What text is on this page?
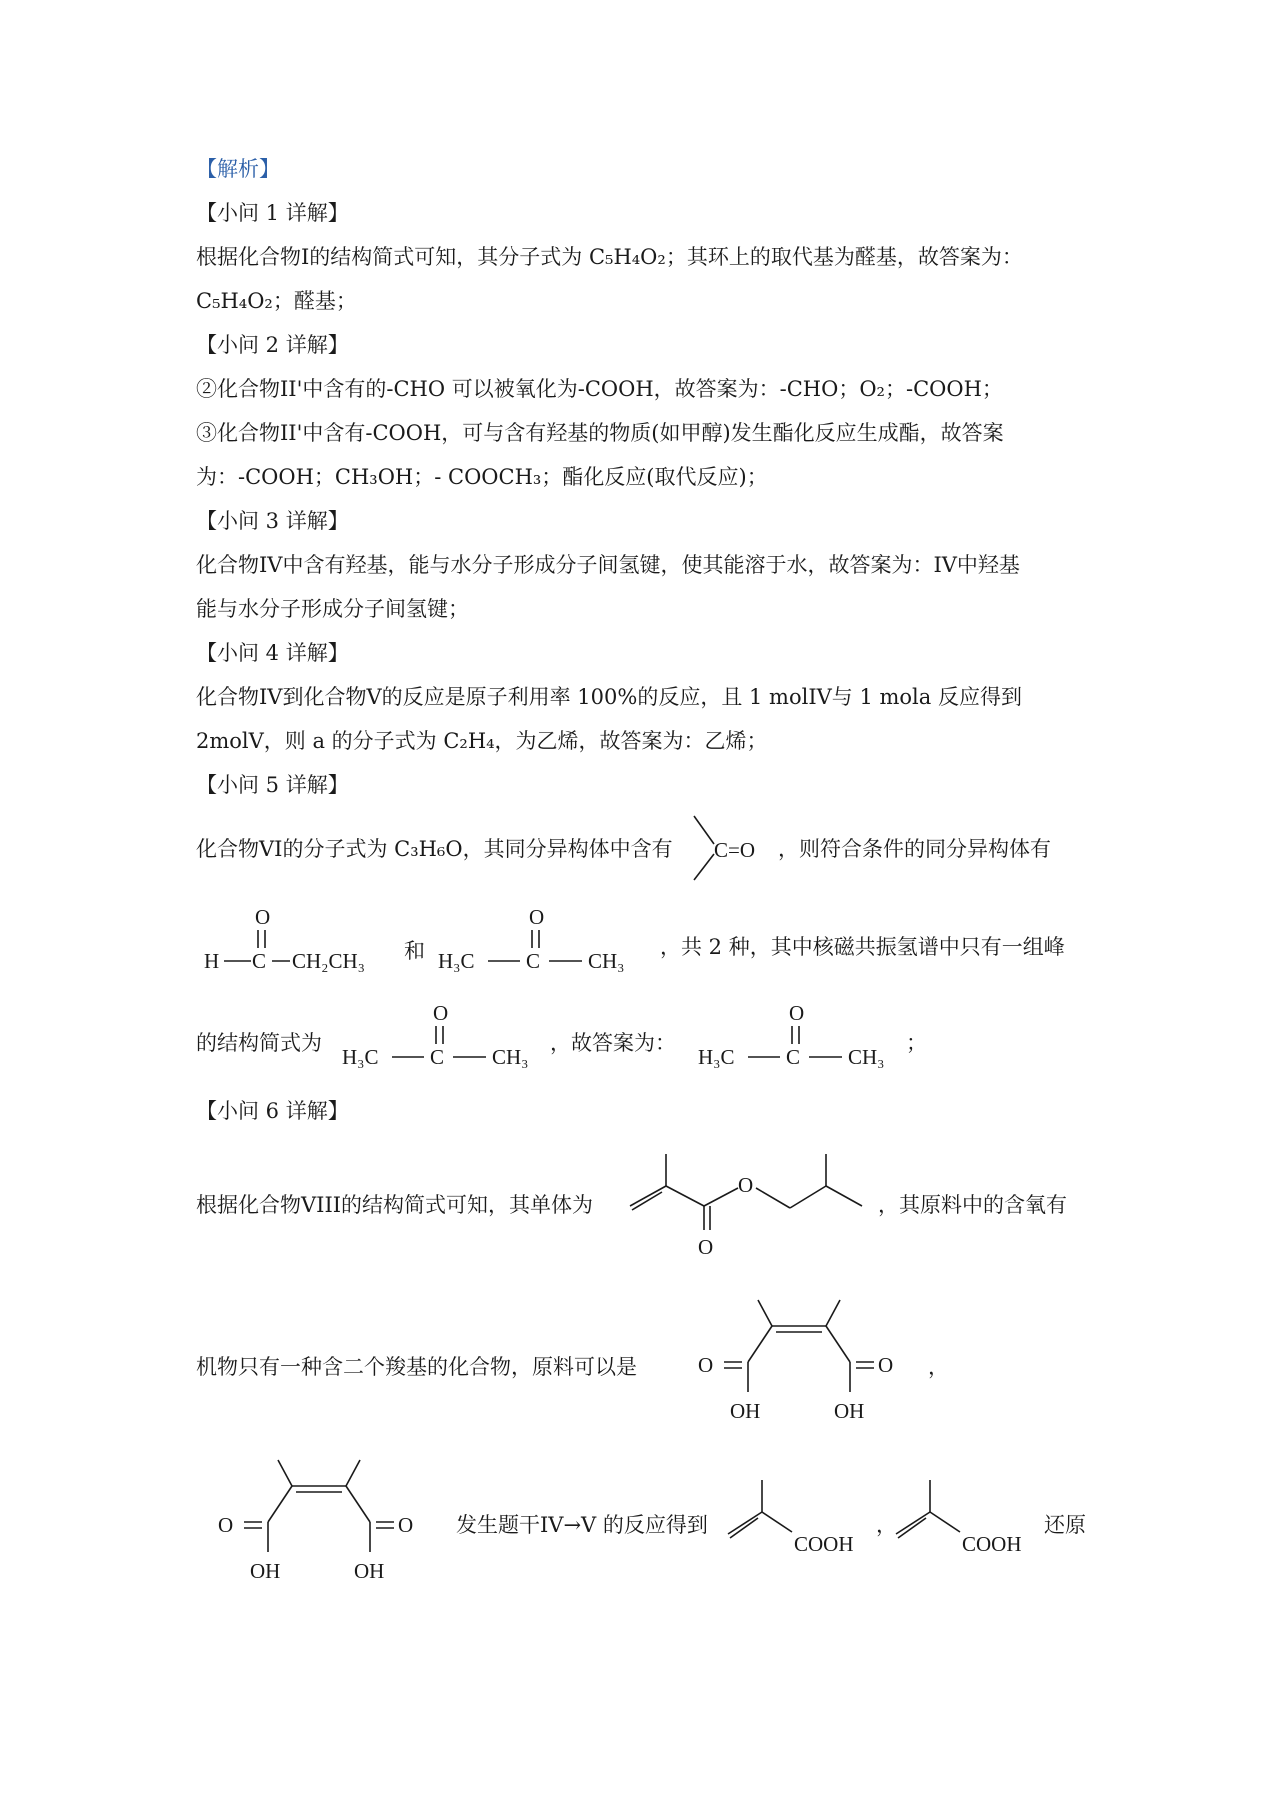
【解析】
【小问 1 详解】
根据化合物I的结构简式可知，其分子式为 C₅H₄O₂；其环上的取代基为醛基，故答案为：
C₅H₄O₂；醛基；
【小问 2 详解】
②化合物II'中含有的-CHO 可以被氧化为-COOH，故答案为：-CHO；O₂；-COOH；
③化合物II'中含有-COOH，可与含有羟基的物质(如甲醇)发生酯化反应生成酯，故答案
为：-COOH；CH₃OH；- COOCH₃；酯化反应(取代反应)；
【小问 3 详解】
化合物IV中含有羟基，能与水分子形成分子间氢键，使其能溶于水，故答案为：IV中羟基
能与水分子形成分子间氢键；
【小问 4 详解】
化合物IV到化合物V的反应是原子利用率 100%的反应，且 1 molIV与 1 mola 反应得到
2molV，则 a 的分子式为 C₂H₄，为乙烯，故答案为：乙烯；
【小问 5 详解】
化合物VI的分子式为 C₃H₆O，其同分异构体中含有 C=O ，则符合条件的同分异构体有
O
H C CH₂CH₃ 和
O
H₃C C CH₃
，共 2 种，其中核磁共振氢谱中只有一组峰
的结构简式为
O
H₃C C CH₃
，故答案为：
O
H₃C C CH₃
；
【小问 6 详解】
根据化合物VIII的结构简式可知，其单体为
O
O
，其原料中的含氧有
机物只有一种含二个羧基的化合物，原料可以是	O
OH
O
OH
，
O
OH
O
OH
发生题干IV→V 的反应得到
COOH
，
COOH
还原
